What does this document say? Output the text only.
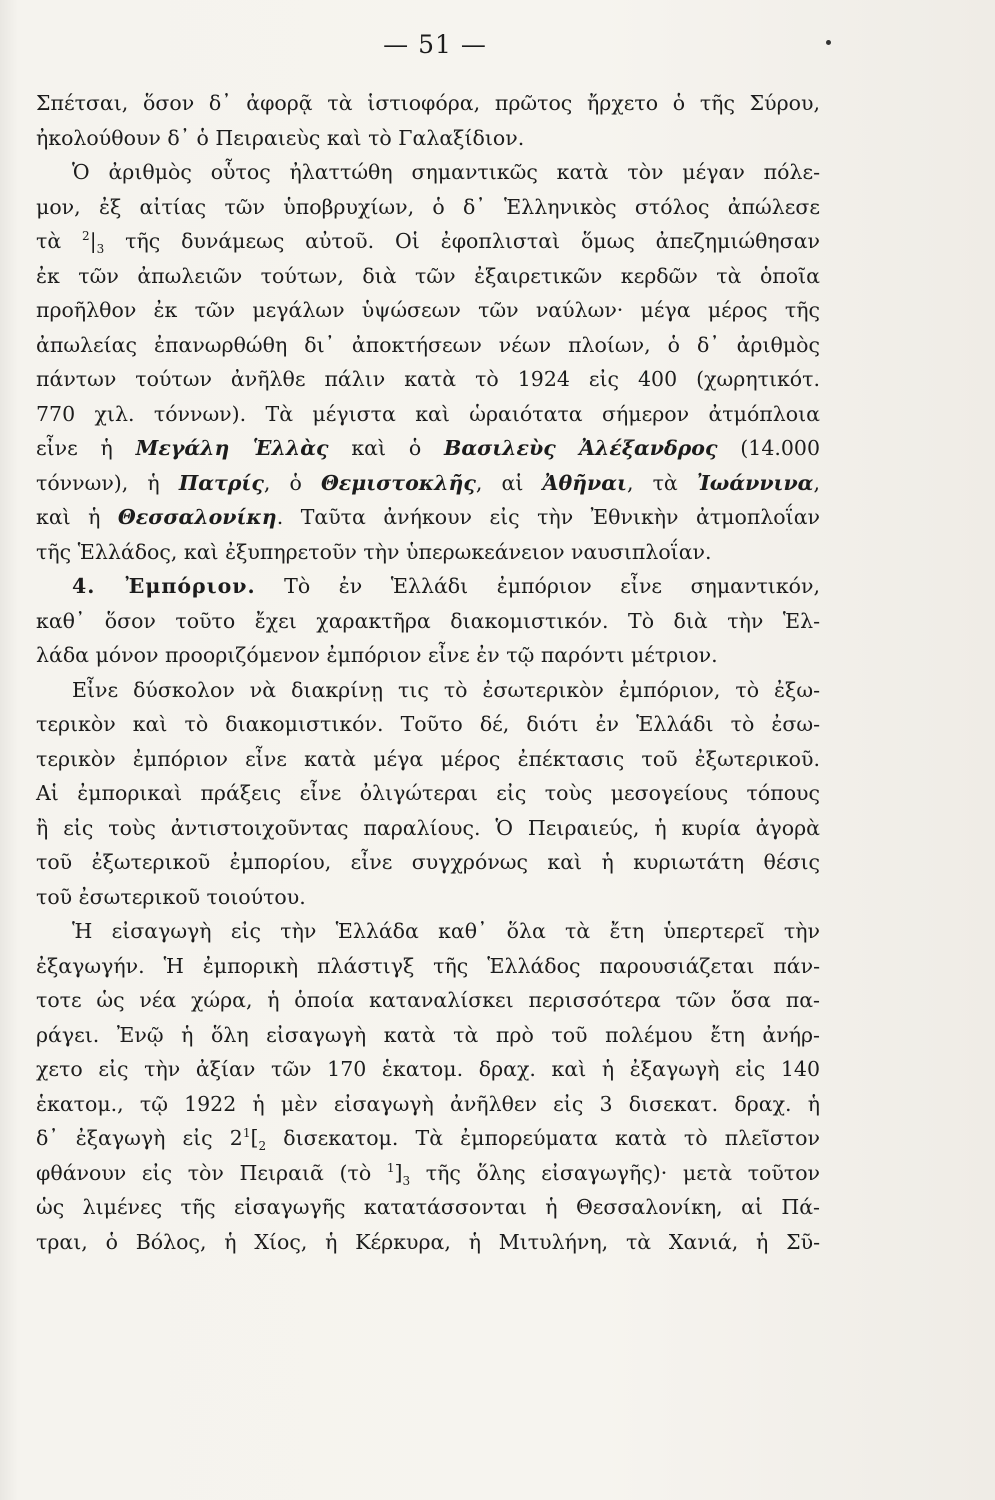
— 51 —
Σπέτσαι, ὅσον δ᾽ ἀφορᾷ τὰ ἱστιοφόρα, πρῶτος ἤρχετο ὁ τῆς Σύρου,
ἠκολούθουν δ᾽ ὁ Πειραιεὺς καὶ τὸ Γαλαξίδιον.
Ὁ ἀριθμὸς οὗτος ἠλαττώθη σημαντικῶς κατὰ τὸν μέγαν πόλε-
μον, ἐξ αἰτίας τῶν ὑποβρυχίων, ὁ δ᾽ Ἑλληνικὸς στόλος ἀπώλεσε
τὰ $^2|_3$ τῆς δυνάμεως αὐτοῦ. Οἱ ἐφοπλισταὶ ὅμως ἀπεζημιώθησαν
ἐκ τῶν ἀπωλειῶν τούτων, διὰ τῶν ἐξαιρετικῶν κερδῶν τὰ ὁποῖα
προῆλθον ἐκ τῶν μεγάλων ὑψώσεων τῶν ναύλων· μέγα μέρος τῆς
ἀπωλείας ἐπανωρθώθη δι᾽ ἀποκτήσεων νέων πλοίων, ὁ δ᾽ ἀριθμὸς
πάντων τούτων ἀνῆλθε πάλιν κατὰ τὸ 1924 εἰς 400 (χωρητικότ.
770 χιλ. τόννων). Τὰ μέγιστα καὶ ὡραιότατα σήμερον ἀτμόπλοια
εἶνε ἡ Μεγάλη Ἑλλὰς καὶ ὁ Βασιλεὺς Ἀλέξανδρος (14.000
τόννων), ἡ Πατρίς, ὁ Θεμιστοκλῆς, αἱ Ἀθῆναι, τὰ Ἰωάννινα,
καὶ ἡ Θεσσαλονίκη. Ταῦτα ἀνήκουν εἰς τὴν Ἐθνικὴν ἀτμοπλοΐαν
τῆς Ἑλλάδος, καὶ ἐξυπηρετοῦν τὴν ὑπερωκεάνειον ναυσιπλοΐαν.
4. Ἐμπόριον. Τὸ ἐν Ἑλλάδι ἐμπόριον εἶνε σημαντικόν,
καθ᾽ ὅσον τοῦτο ἔχει χαρακτῆρα διακομιστικόν. Τὸ διὰ τὴν Ἑλ-
λάδα μόνον προοριζόμενον ἐμπόριον εἶνε ἐν τῷ παρόντι μέτριον.
Εἶνε δύσκολον νὰ διακρίνῃ τις τὸ ἐσωτερικὸν ἐμπόριον, τὸ ἐξω-
τερικὸν καὶ τὸ διακομιστικόν. Τοῦτο δέ, διότι ἐν Ἑλλάδι τὸ ἐσω-
τερικὸν ἐμπόριον εἶνε κατὰ μέγα μέρος ἐπέκτασις τοῦ ἐξωτερικοῦ.
Αἱ ἐμπορικαὶ πράξεις εἶνε ὀλιγώτεραι εἰς τοὺς μεσογείους τόπους
ἢ εἰς τοὺς ἀντιστοιχοῦντας παραλίους. Ὁ Πειραιεύς, ἡ κυρία ἀγορὰ
τοῦ ἐξωτερικοῦ ἐμπορίου, εἶνε συγχρόνως καὶ ἡ κυριωτάτη θέσις
τοῦ ἐσωτερικοῦ τοιούτου.
Ἡ εἰσαγωγὴ εἰς τὴν Ἑλλάδα καθ᾽ ὅλα τὰ ἔτη ὑπερτερεῖ τὴν
ἐξαγωγήν. Ἡ ἐμπορικὴ πλάστιγξ τῆς Ἑλλάδος παρουσιάζεται πάν-
τοτε ὡς νέα χώρα, ἡ ὁποία καταναλίσκει περισσότερα τῶν ὅσα πα-
ράγει. Ἐνῷ ἡ ὅλη εἰσαγωγὴ κατὰ τὰ πρὸ τοῦ πολέμου ἔτη ἀνήρ-
χετο εἰς τὴν ἀξίαν τῶν 170 ἑκατομ. δραχ. καὶ ἡ ἐξαγωγὴ εἰς 140
ἑκατομ., τῷ 1922 ἡ μὲν εἰσαγωγὴ ἀνῆλθεν εἰς 3 δισεκατ. δραχ. ἡ
δ᾽ ἐξαγωγὴ εἰς $2^1[_2$ δισεκατομ. Τὰ ἐμπορεύματα κατὰ τὸ πλεῖστον
φθάνουν εἰς τὸν Πειραιᾶ (τὸ $^1]_3$ τῆς ὅλης εἰσαγωγῆς)· μετὰ τοῦτον
ὡς λιμένες τῆς εἰσαγωγῆς κατατάσσονται ἡ Θεσσαλονίκη, αἱ Πά-
τραι, ὁ Βόλος, ἡ Χίος, ἡ Κέρκυρα, ἡ Μιτυλήνη, τὰ Χανιά, ἡ Σῦ-
